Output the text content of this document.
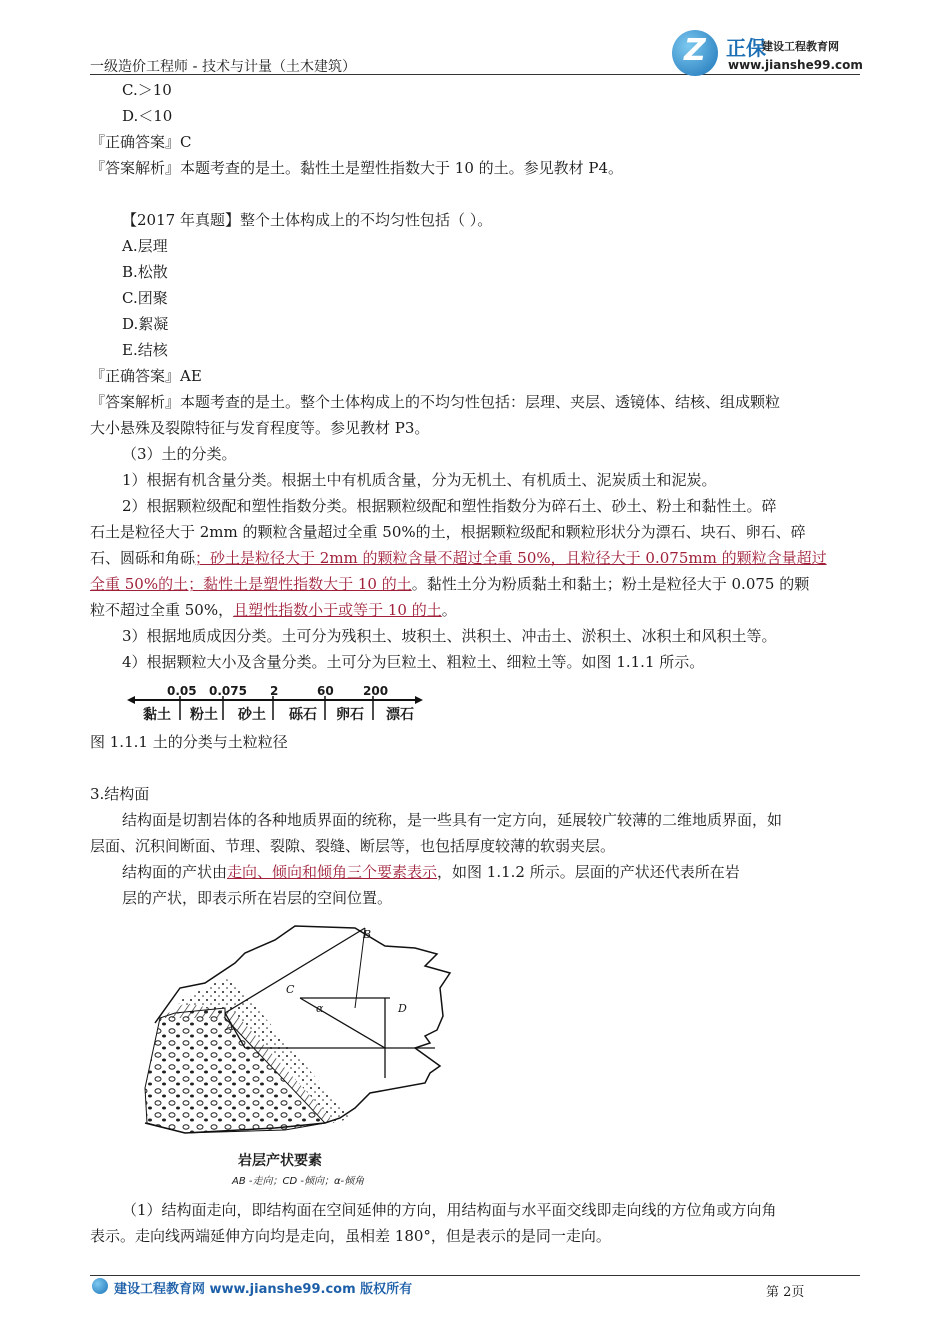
一级造价工程师 - 技术与计量（土木建筑）	Z 正保
建设工程教育网
www.jianshe99.com
C.＞10
D.＜10
『正确答案』C
『答案解析』本题考查的是土。黏性土是塑性指数大于 10 的土。参见教材 P4。
【2017 年真题】整个土体构成上的不均匀性包括（ ）。
A.层理
B.松散
C.团聚
D.絮凝
E.结核
『正确答案』AE
『答案解析』本题考查的是土。整个土体构成上的不均匀性包括：层理、夹层、透镜体、结核、组成颗粒
大小悬殊及裂隙特征与发育程度等。参见教材 P3。
（3）土的分类。
1）根据有机含量分类。根据土中有机质含量，分为无机土、有机质土、泥炭质土和泥炭。
2）根据颗粒级配和塑性指数分类。根据颗粒级配和塑性指数分为碎石土、砂土、粉土和黏性土。碎
石土是粒径大于 2mm 的颗粒含量超过全重 50%的土，根据颗粒级配和颗粒形状分为漂石、块石、卵石、碎
石、圆砾和角砾；砂土是粒径大于 2mm 的颗粒含量不超过全重 50%，且粒径大于 0.075mm 的颗粒含量超过
全重 50%的土；黏性土是塑性指数大于 10 的土。黏性土分为粉质黏土和黏土；粉土是粒径大于 0.075 的颗
粒不超过全重 50%，且塑性指数小于或等于 10 的土。
3）根据地质成因分类。土可分为残积土、坡积土、洪积土、冲击土、淤积土、冰积土和风积土等。
4）根据颗粒大小及含量分类。土可分为巨粒土、粗粒土、细粒土等。如图 1.1.1 所示。
0.05 0.075 2	60 200
黏土 粉土 砂土 砾石 卵石 漂石
图 1.1.1 土的分类与土粒粒径
3.结构面
结构面是切割岩体的各种地质界面的统称，是一些具有一定方向，延展较广较薄的二维地质界面，如
层面、沉积间断面、节理、裂隙、裂缝、断层等，也包括厚度较薄的软弱夹层。
结构面的产状由走向、倾向和倾角三个要素表示，如图 1.1.2 所示。层面的产状还代表所在岩
层的产状，即表示所在岩层的空间位置。
A
B
C
D
α
岩层产状要素
AB -走向；CD -倾向；α-倾角
（1）结构面走向，即结构面在空间延伸的方向，用结构面与水平面交线即走向线的方位角或方向角
表示。走向线两端延伸方向均是走向，虽相差 180°，但是表示的是同一走向。
建设工程教育网 www.jianshe99.com 版权所有	第 2页
